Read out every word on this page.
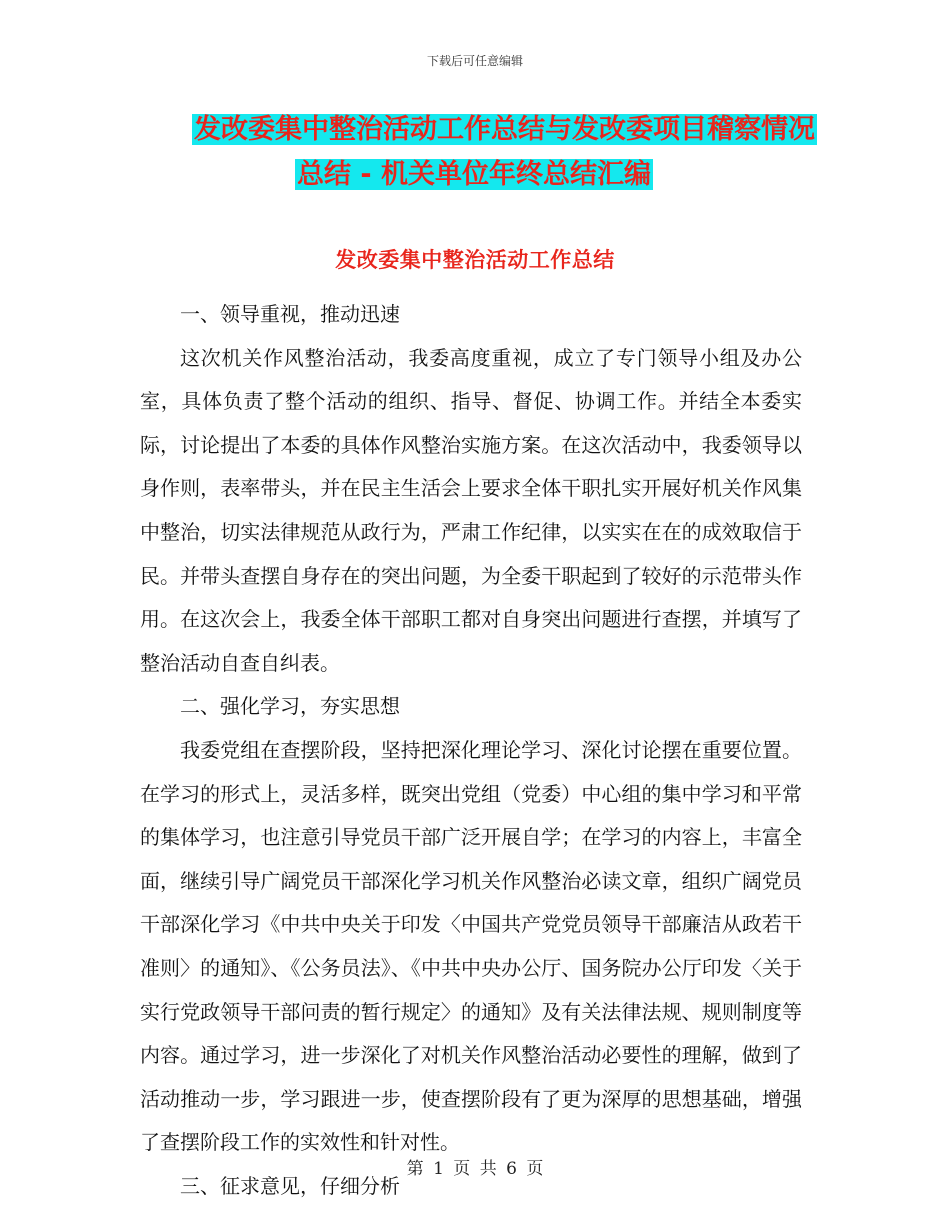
下载后可任意编辑
发改委集中整治活动工作总结与发改委项目稽察情况
总结 - 机关单位年终总结汇编
发改委集中整治活动工作总结

一、领导重视，推动迅速

这次机关作风整治活动，我委高度重视，成立了专门领导小组及办公室，具体负责了整个活动的组织、指导、督促、协调工作。并结全本委实际，讨论提出了本委的具体作风整治实施方案。在这次活动中，我委领导以身作则，表率带头，并在民主生活会上要求全体干职扎实开展好机关作风集中整治，切实法律规范从政行为，严肃工作纪律，以实实在在的成效取信于民。并带头查摆自身存在的突出问题，为全委干职起到了较好的示范带头作用。在这次会上，我委全体干部职工都对自身突出问题进行查摆，并填写了整治活动自查自纠表。

二、强化学习，夯实思想

我委党组在查摆阶段，坚持把深化理论学习、深化讨论摆在重要位置。在学习的形式上，灵活多样，既突出党组（党委）中心组的集中学习和平常的集体学习，也注意引导党员干部广泛开展自学；在学习的内容上，丰富全面，继续引导广阔党员干部深化学习机关作风整治必读文章，组织广阔党员干部深化学习《中共中央关于印发〈中国共产党党员领导干部廉洁从政若干准则〉的通知》、《公务员法》、《中共中央办公厅、国务院办公厅印发〈关于实行党政领导干部问责的暂行规定〉的通知》及有关法律法规、规则制度等内容。通过学习，进一步深化了对机关作风整治活动必要性的理解，做到了活动推动一步，学习跟进一步，使查摆阶段有了更为深厚的思想基础，增强了查摆阶段工作的实效性和针对性。

三、征求意见，仔细分析

第 1 页 共 6 页
